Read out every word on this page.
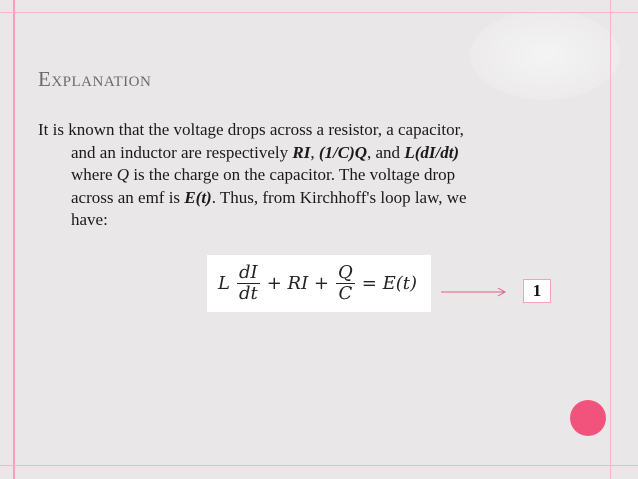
Explanation

It is known that the voltage drops across a resistor, a capacitor,
and an inductor are respectively RI, (1/C)Q, and L(dI/dt)
where Q is the charge on the capacitor. The voltage drop
across an emf is E(t). Thus, from Kirchhoff's loop law, we
have:

L $\frac{dI}{dt}$ + RI + $\frac{Q}{C} = E(t)$	1
